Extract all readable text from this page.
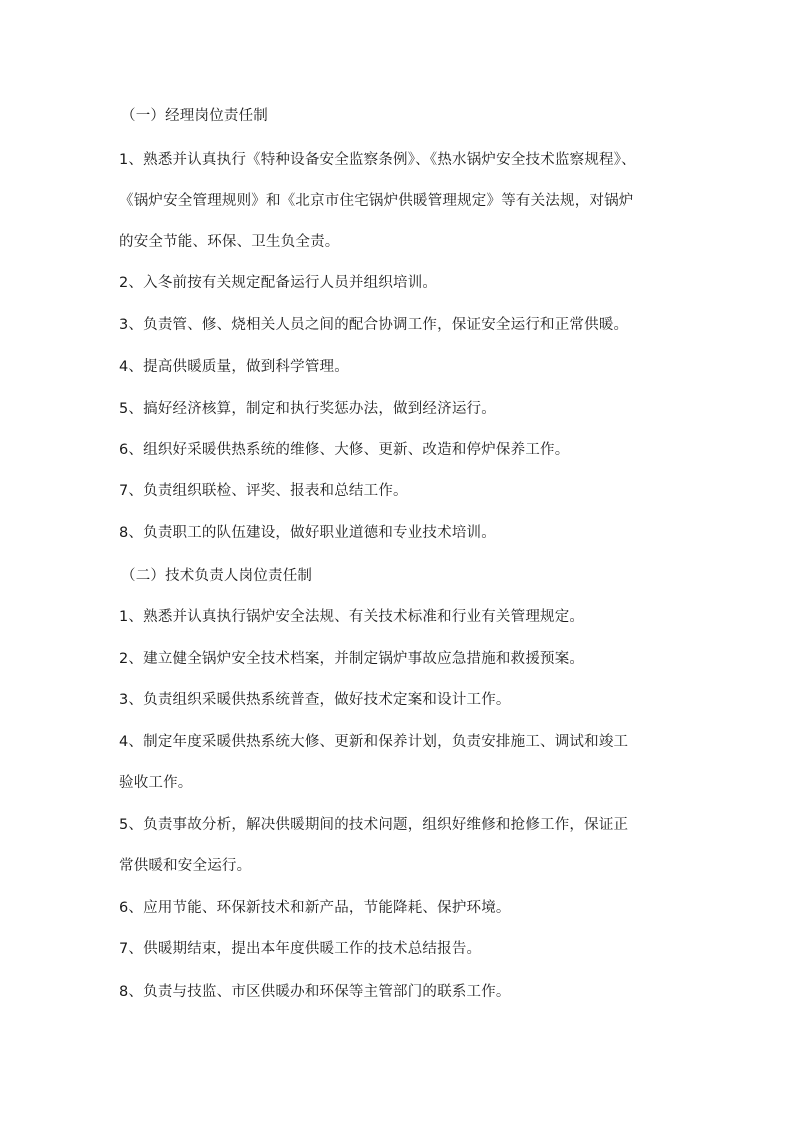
（一）经理岗位责任制
1、熟悉并认真执行《特种设备安全监察条例》、《热水锅炉安全技术监察规程》、
《锅炉安全管理规则》和《北京市住宅锅炉供暖管理规定》等有关法规，对锅炉
的安全节能、环保、卫生负全责。
2、入冬前按有关规定配备运行人员并组织培训。
3、负责管、修、烧相关人员之间的配合协调工作，保证安全运行和正常供暖。
4、提高供暖质量，做到科学管理。
5、搞好经济核算，制定和执行奖惩办法，做到经济运行。
6、组织好采暖供热系统的维修、大修、更新、改造和停炉保养工作。
7、负责组织联检、评奖、报表和总结工作。
8、负责职工的队伍建设，做好职业道德和专业技术培训。
（二）技术负责人岗位责任制
1、熟悉并认真执行锅炉安全法规、有关技术标准和行业有关管理规定。
2、建立健全锅炉安全技术档案，并制定锅炉事故应急措施和救援预案。
3、负责组织采暖供热系统普查，做好技术定案和设计工作。
4、制定年度采暖供热系统大修、更新和保养计划，负责安排施工、调试和竣工
验收工作。
5、负责事故分析，解决供暖期间的技术问题，组织好维修和抢修工作，保证正
常供暖和安全运行。
6、应用节能、环保新技术和新产品，节能降耗、保护环境。
7、供暖期结束，提出本年度供暖工作的技术总结报告。
8、负责与技监、市区供暖办和环保等主管部门的联系工作。
